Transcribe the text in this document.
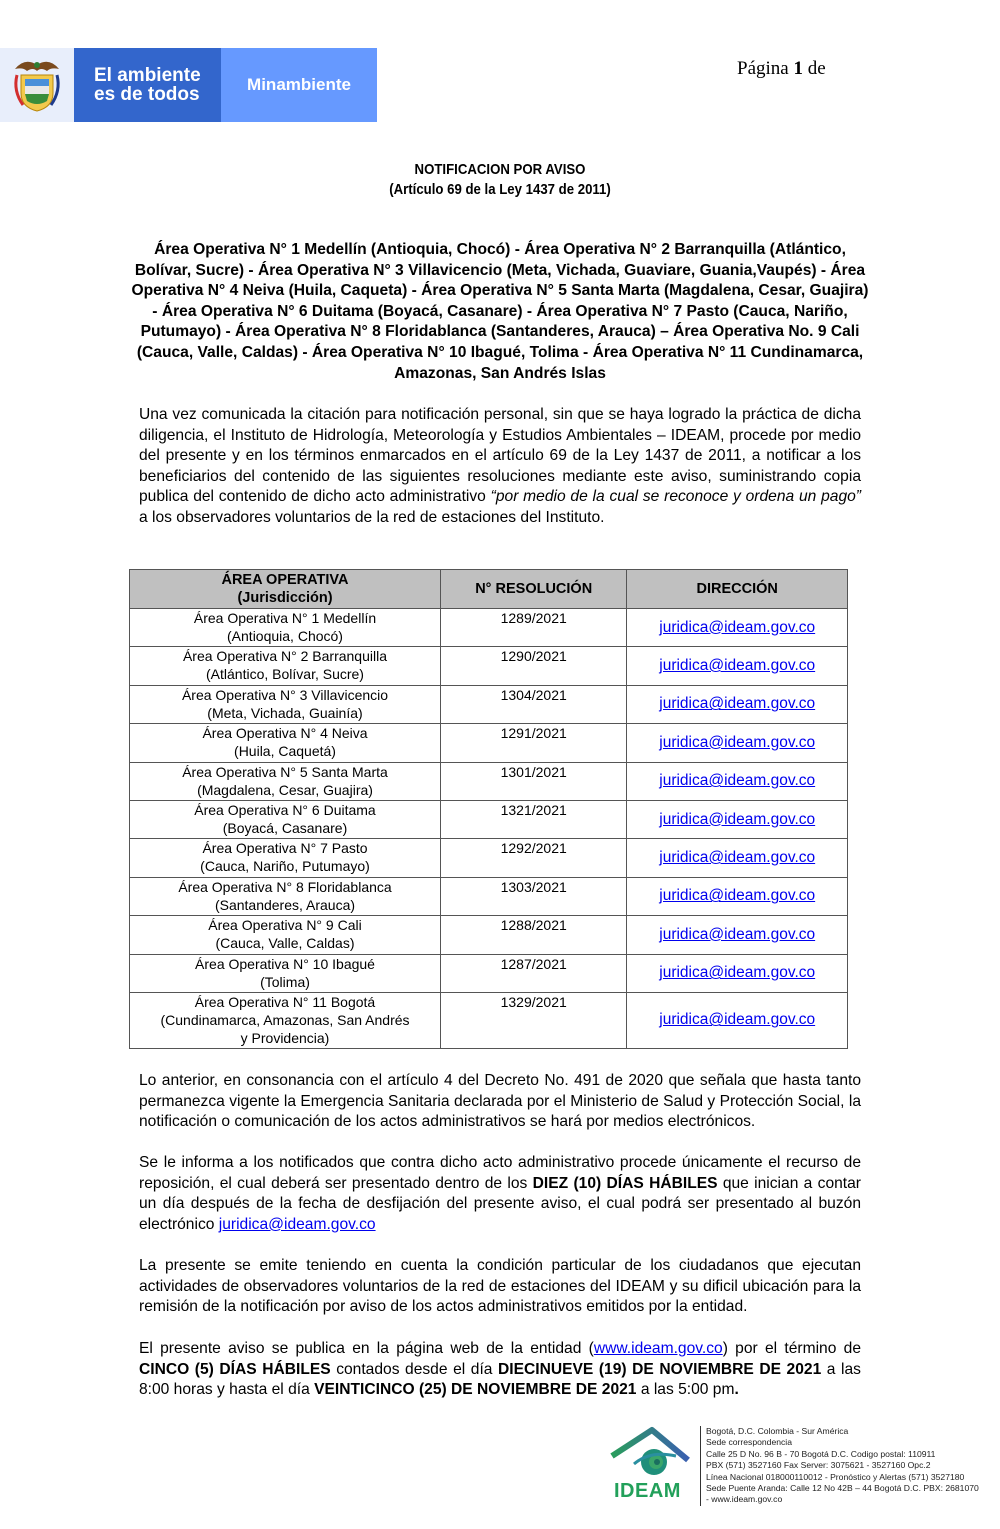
El ambiente
es de todos	Minambiente
Página 1 de
NOTIFICACION POR AVISO
(Artículo 69 de la Ley 1437 de 2011)
Área Operativa N° 1 Medellín (Antioquia, Chocó) - Área Operativa N° 2 Barranquilla (Atlántico, Bolívar, Sucre) - Área Operativa N° 3 Villavicencio (Meta, Vichada, Guaviare, Guania,Vaupés) - Área Operativa N° 4 Neiva (Huila, Caqueta) - Área Operativa N° 5 Santa Marta (Magdalena, Cesar, Guajira) - Área Operativa N° 6 Duitama (Boyacá, Casanare) - Área Operativa N° 7 Pasto (Cauca, Nariño, Putumayo) - Área Operativa N° 8 Floridablanca (Santanderes, Arauca) – Área Operativa No. 9 Cali (Cauca, Valle, Caldas) - Área Operativa N° 10 Ibagué, Tolima - Área Operativa N° 11 Cundinamarca, Amazonas, San Andrés Islas
Una vez comunicada la citación para notificación personal, sin que se haya logrado la práctica de dicha diligencia, el Instituto de Hidrología, Meteorología y Estudios Ambientales – IDEAM, procede por medio del presente y en los términos enmarcados en el artículo 69 de la Ley 1437 de 2011, a notificar a los beneficiarios del contenido de las siguientes resoluciones mediante este aviso, suministrando copia publica del contenido de dicho acto administrativo “por medio de la cual se reconoce y ordena un pago” a los observadores voluntarios de la red de estaciones del Instituto.
ÁREA OPERATIVA
(Jurisdicción)	N° RESOLUCIÓN	DIRECCIÓN

Área Operativa N° 1 Medellín
(Antioquia, Chocó)	1289/2021	juridica@ideam.gov.co

Área Operativa N° 2 Barranquilla
(Atlántico, Bolívar, Sucre)	1290/2021	juridica@ideam.gov.co

Área Operativa N° 3 Villavicencio
(Meta, Vichada, Guainía)	1304/2021	juridica@ideam.gov.co

Área Operativa N° 4 Neiva
(Huila, Caquetá)	1291/2021	juridica@ideam.gov.co

Área Operativa N° 5 Santa Marta
(Magdalena, Cesar, Guajira)	1301/2021	juridica@ideam.gov.co

Área Operativa N° 6 Duitama
(Boyacá, Casanare)	1321/2021	juridica@ideam.gov.co

Área Operativa N° 7 Pasto
(Cauca, Nariño, Putumayo)	1292/2021	juridica@ideam.gov.co

Área Operativa N° 8 Floridablanca
(Santanderes, Arauca)	1303/2021	juridica@ideam.gov.co

Área Operativa N° 9 Cali
(Cauca, Valle, Caldas)	1288/2021	juridica@ideam.gov.co

Área Operativa N° 10 Ibagué
(Tolima)	1287/2021	juridica@ideam.gov.co

Área Operativa N° 11 Bogotá
(Cundinamarca, Amazonas, San Andrés y Providencia)	1329/2021	juridica@ideam.gov.co
Lo anterior, en consonancia con el artículo 4 del Decreto No. 491 de 2020 que señala que hasta tanto permanezca vigente la Emergencia Sanitaria declarada por el Ministerio de Salud y Protección Social, la notificación o comunicación de los actos administrativos se hará por medios electrónicos.
Se le informa a los notificados que contra dicho acto administrativo procede únicamente el recurso de reposición, el cual deberá ser presentado dentro de los DIEZ (10) DÍAS HÁBILES que inician a contar un día después de la fecha de desfijación del presente aviso, el cual podrá ser presentado al buzón electrónico juridica@ideam.gov.co
La presente se emite teniendo en cuenta la condición particular de los ciudadanos que ejecutan actividades de observadores voluntarios de la red de estaciones del IDEAM y su dificil ubicación para la remisión de la notificación por aviso de los actos administrativos emitidos por la entidad.
El presente aviso se publica en la página web de la entidad (www.ideam.gov.co) por el término de CINCO (5) DÍAS HÁBILES contados desde el día DIECINUEVE (19) DE NOVIEMBRE DE 2021 a las 8:00 horas y hasta el día VEINTICINCO (25) DE NOVIEMBRE DE 2021 a las 5:00 pm.
IDEAM
Bogotá, D.C. Colombia - Sur América
Sede correspondencia
Calle 25 D No. 96 B - 70 Bogotá D.C. Codigo postal: 110911
PBX (571) 3527160 Fax Server: 3075621 - 3527160 Opc.2
Línea Nacional 018000110012 - Pronóstico y Alertas (571) 3527180
Sede Puente Aranda: Calle 12 No 42B – 44 Bogotá D.C. PBX: 2681070
- www.ideam.gov.co
